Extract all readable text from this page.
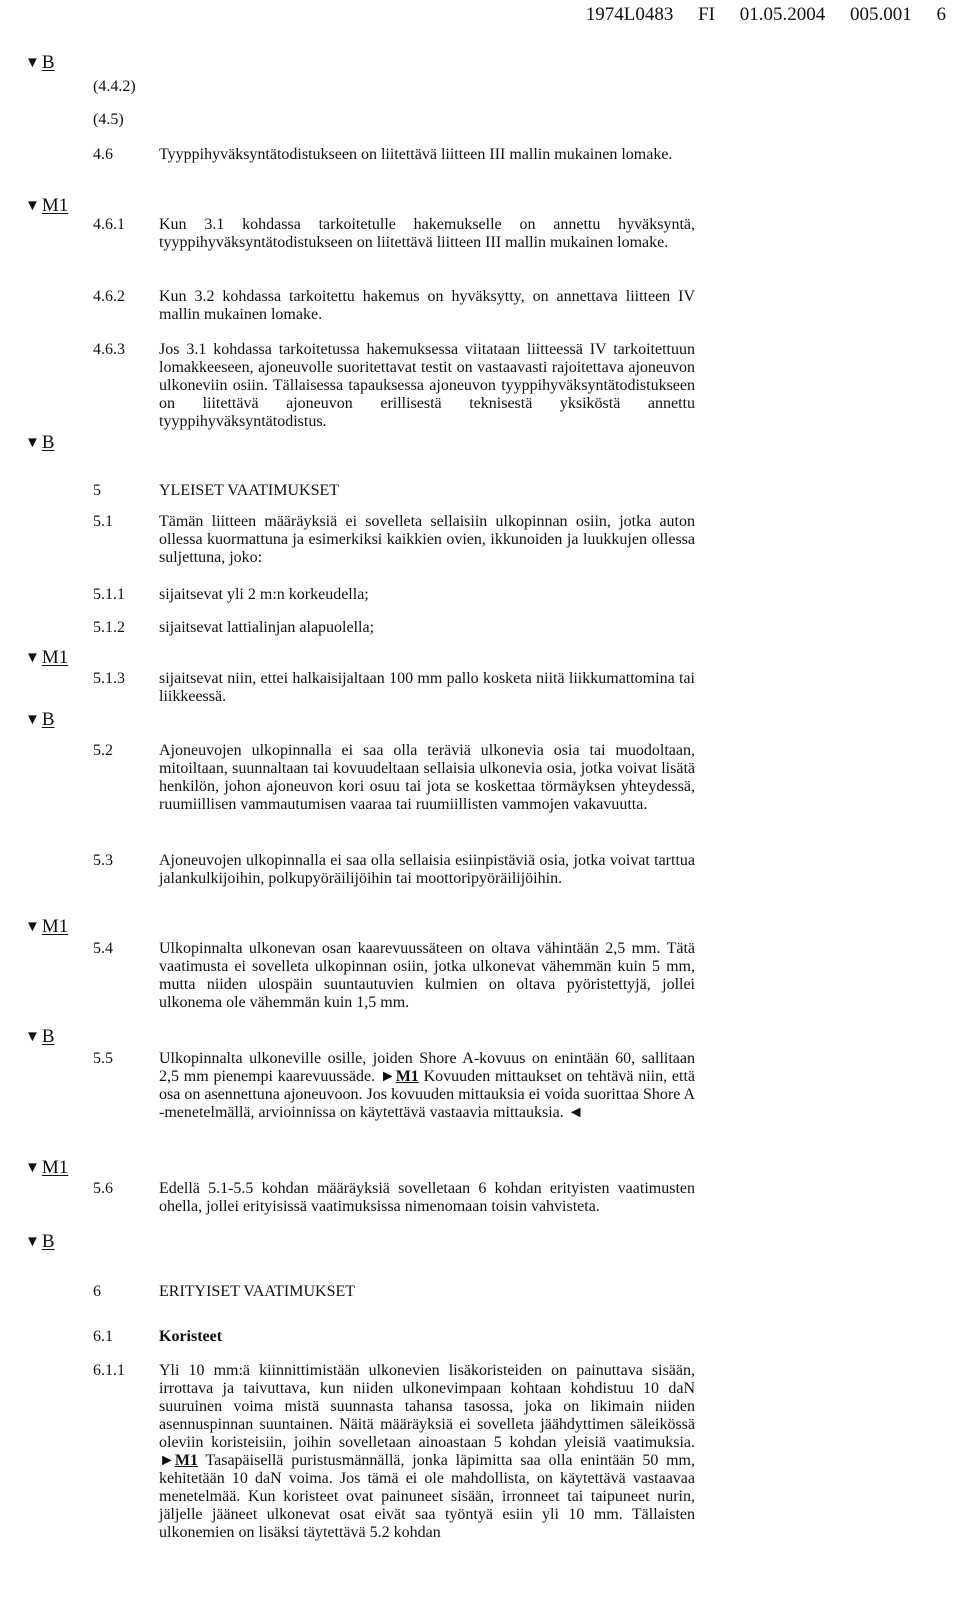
1974L0483 FI 01.05.2004 005.001 6
▼ B
▼ M1
▼ B
▼ M1
▼ B
▼ M1
▼ B
▼ M1
▼ B
(4.4.2)
(4.5)
4.6	Tyyppihyväksyntätodistukseen on liitettävä liitteen III mallin mukainen lomake.
4.6.1 Kun 3.1 kohdassa tarkoitetulle hakemukselle on annettu hyväksyntä, tyyppihyväksyntätodistukseen on liitettävä liitteen III mallin mukainen lomake.
4.6.2 Kun 3.2 kohdassa tarkoitettu hakemus on hyväksytty, on annettava liitteen IV mallin mukainen lomake.
4.6.3 Jos 3.1 kohdassa tarkoitetussa hakemuksessa viitataan liitteessä IV tarkoitettuun lomakkeeseen, ajoneuvolle suoritettavat testit on vastaavasti rajoitettava ajoneuvon ulkoneviin osiin. Tällaisessa tapauksessa ajoneuvon tyyppihyväksyntätodistukseen on liitettävä ajoneuvon erillisestä teknisestä yksiköstä annettu tyyppihyväksyntätodistus.
5	YLEISET VAATIMUKSET
5.1	Tämän liitteen määräyksiä ei sovelleta sellaisiin ulkopinnan osiin, jotka auton ollessa kuormattuna ja esimerkiksi kaikkien ovien, ikkunoiden ja luukkujen ollessa suljettuna, joko:
5.1.1 sijaitsevat yli 2 m:n korkeudella;
5.1.2 sijaitsevat lattialinjan alapuolella;
5.1.3 sijaitsevat niin, ettei halkaisijaltaan 100 mm pallo kosketa niitä liikkumattomina tai liikkeessä.
5.2	Ajoneuvojen ulkopinnalla ei saa olla teräviä ulkonevia osia tai muodoltaan, mitoiltaan, suunnaltaan tai kovuudeltaan sellaisia ulkonevia osia, jotka voivat lisätä henkilön, johon ajoneuvon kori osuu tai jota se koskettaa törmäyksen yhteydessä, ruumiillisen vammautumisen vaaraa tai ruumiillisten vammojen vakavuutta.
5.3	Ajoneuvojen ulkopinnalla ei saa olla sellaisia esiinpistäviä osia, jotka voivat tarttua jalankulkijoihin, polkupyöräilijöihin tai moottoripyöräilijöihin.
5.4	Ulkopinnalta ulkonevan osan kaarevuussäteen on oltava vähintään 2,5 mm. Tätä vaatimusta ei sovelleta ulkopinnan osiin, jotka ulkonevat vähemmän kuin 5 mm, mutta niiden ulospäin suuntautuvien kulmien on oltava pyöristettyjä, jollei ulkonema ole vähemmän kuin 1,5 mm.
5.5	Ulkopinnalta ulkoneville osille, joiden Shore A-kovuus on enintään 60, sallitaan 2,5 mm pienempi kaarevuussäde. ►M1 Kovuuden mittaukset on tehtävä niin, että osa on asennettuna ajoneuvoon. Jos kovuuden mittauksia ei voida suorittaa Shore A -menetelmällä, arvioinnissa on käytettävä vastaavia mittauksia. ◄
5.6	Edellä 5.1-5.5 kohdan määräyksiä sovelletaan 6 kohdan erityisten vaatimusten ohella, jollei erityisissä vaatimuksissa nimenomaan toisin vahvisteta.
6	ERITYISET VAATIMUKSET
6.1	Koristeet
6.1.1 Yli 10 mm:ä kiinnittimistään ulkonevien lisäkoristeiden on painuttava sisään, irrottava ja taivuttava, kun niiden ulkonevimpaan kohtaan kohdistuu 10 daN suuruinen voima mistä suunnasta tahansa tasossa, joka on likimain niiden asennuspinnan suuntainen. Näitä määräyksiä ei sovelleta jäähdyttimen säleikössä oleviin koristeisiin, joihin sovelletaan ainoastaan 5 kohdan yleisiä vaatimuksia. ►M1 Tasapäisellä puristusmännällä, jonka läpimitta saa olla enintään 50 mm, kehitetään 10 daN voima. Jos tämä ei ole mahdollista, on käytettävä vastaavaa menetelmää. Kun koristeet ovat painuneet sisään, irronneet tai taipuneet nurin, jäljelle jääneet ulkonevat osat eivät saa työntyä esiin yli 10 mm. Tällaisten ulkonemien on lisäksi täytettävä 5.2 kohdan
